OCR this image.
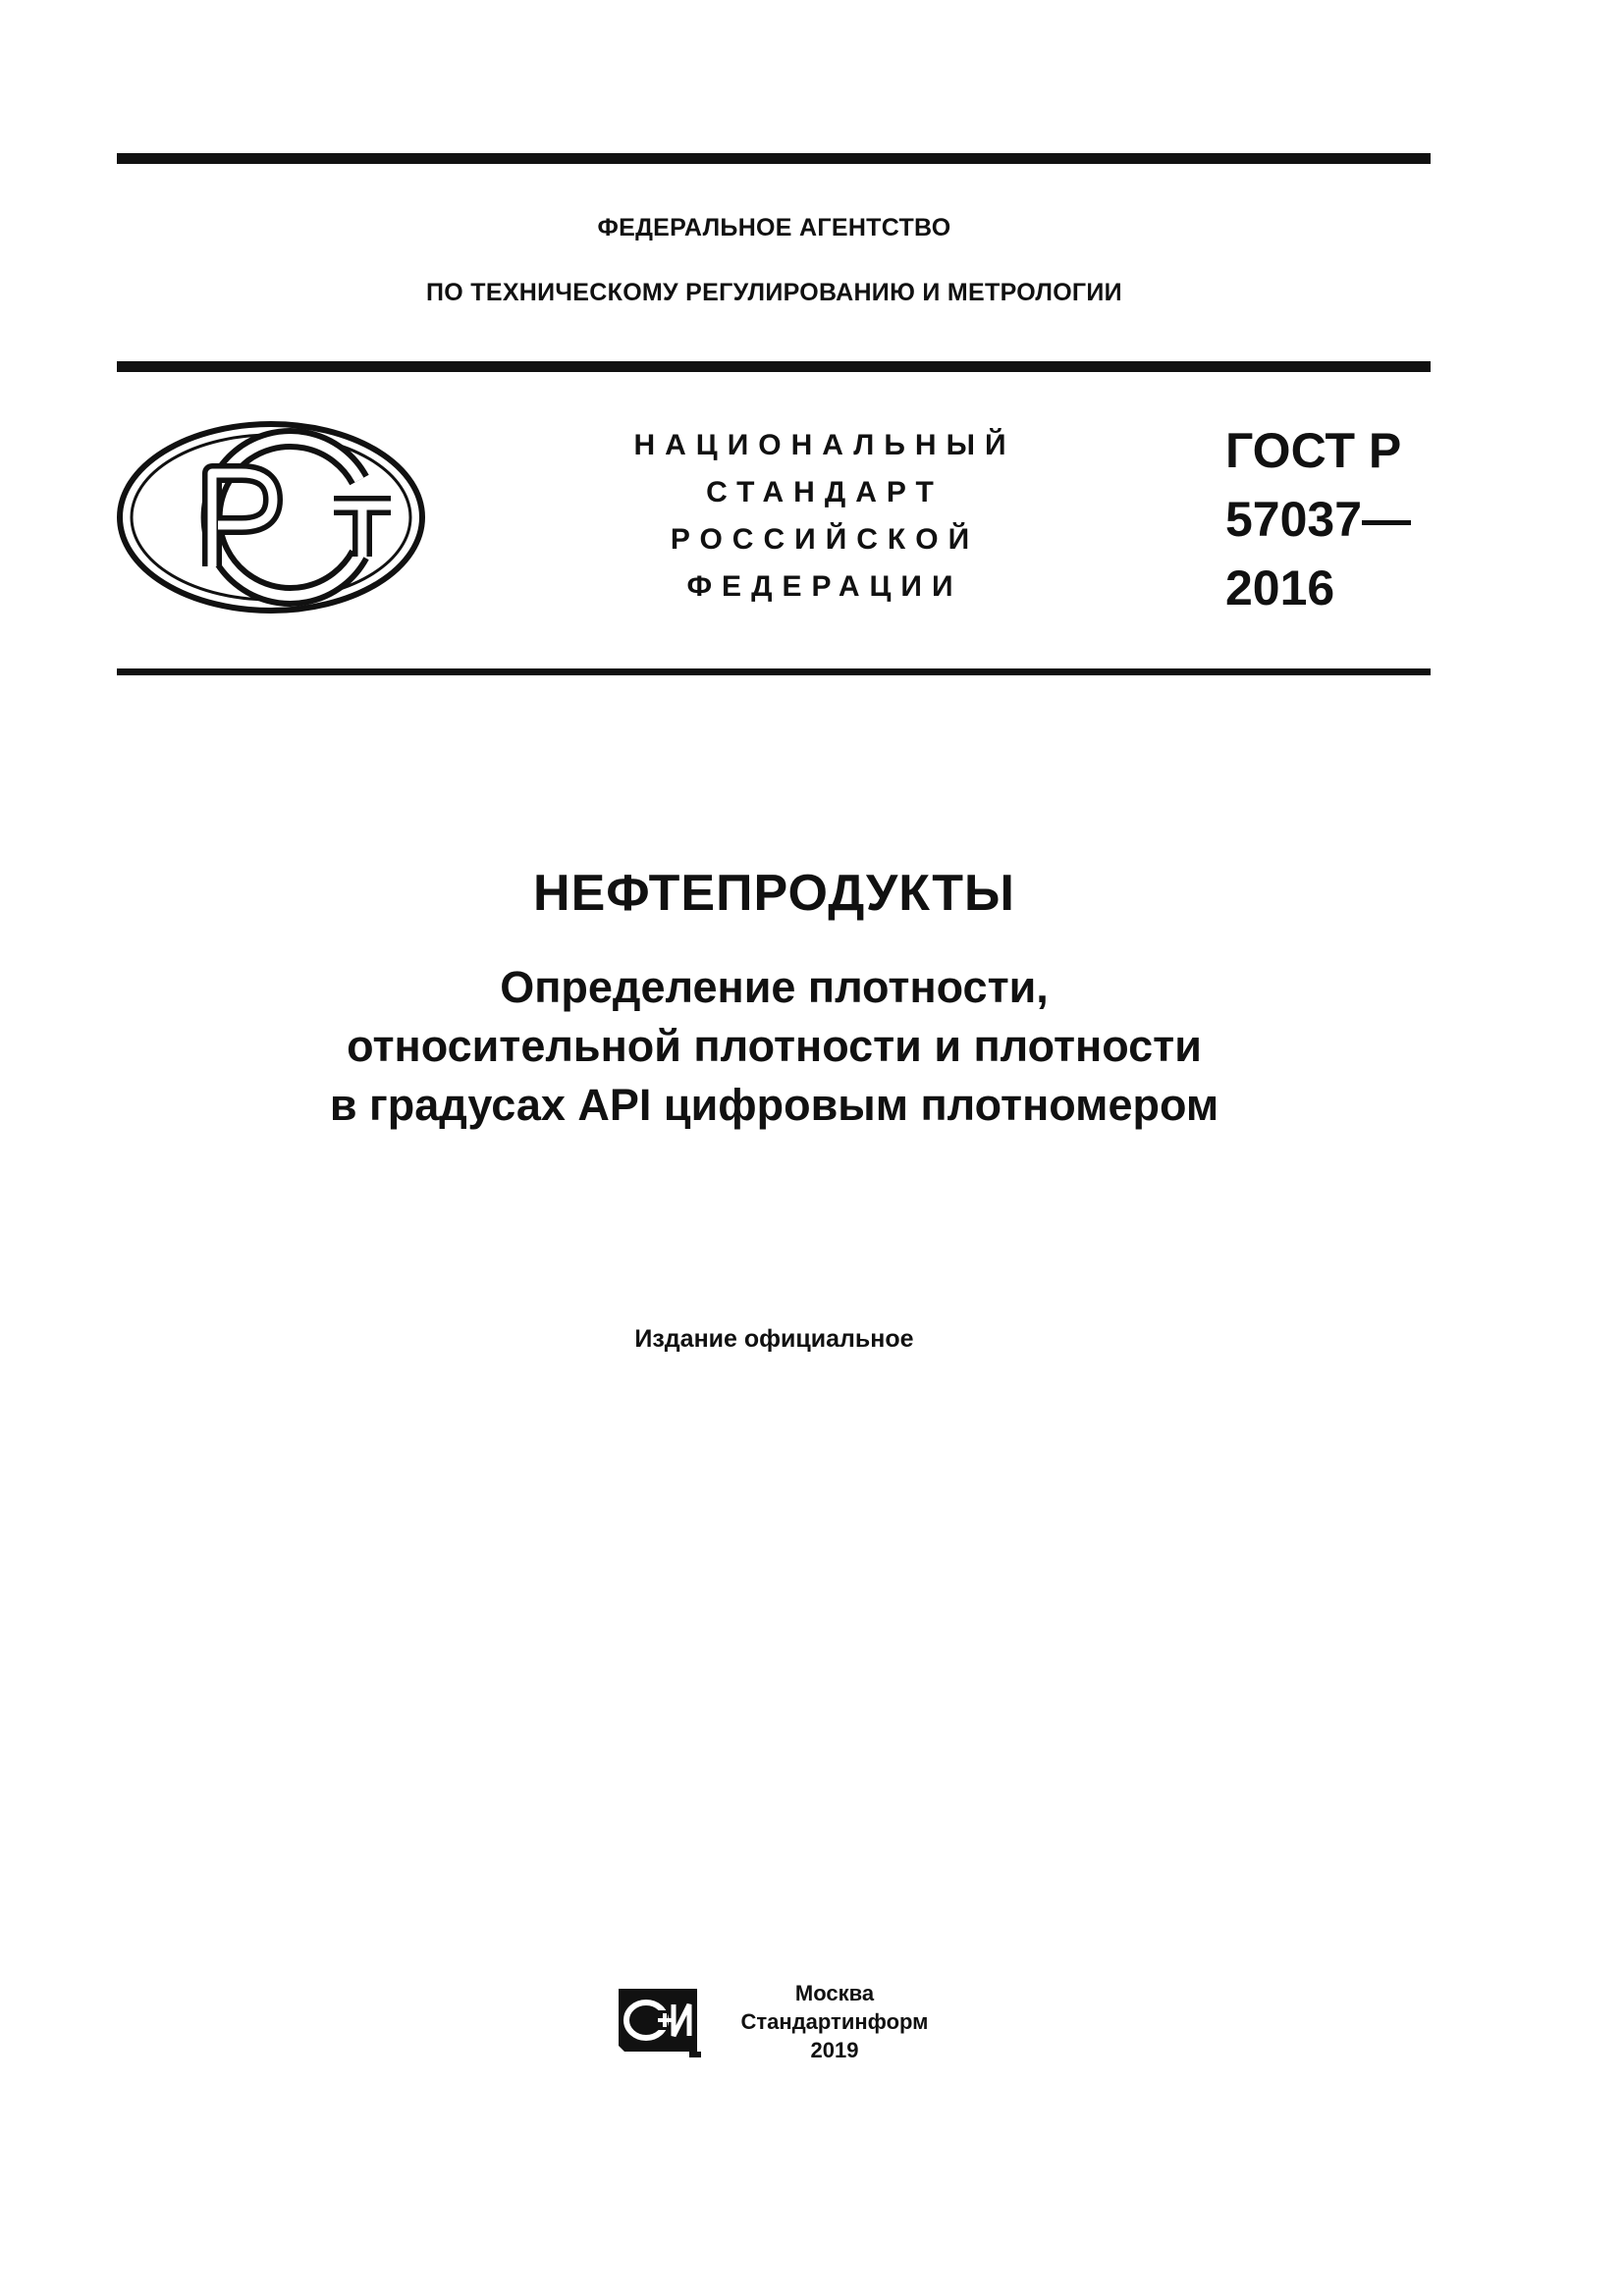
ФЕДЕРАЛЬНОЕ АГЕНТСТВО
ПО ТЕХНИЧЕСКОМУ РЕГУЛИРОВАНИЮ И МЕТРОЛОГИИ
НАЦИОНАЛЬНЫЙ
СТАНДАРТ
РОССИЙСКОЙ
ФЕДЕРАЦИИ
ГОСТ Р
57037—
2016
НЕФТЕПРОДУКТЫ
Определение плотности,
относительной плотности и плотности
в градусах API цифровым плотномером
Издание официальное
Москва
Стандартинформ
2019
